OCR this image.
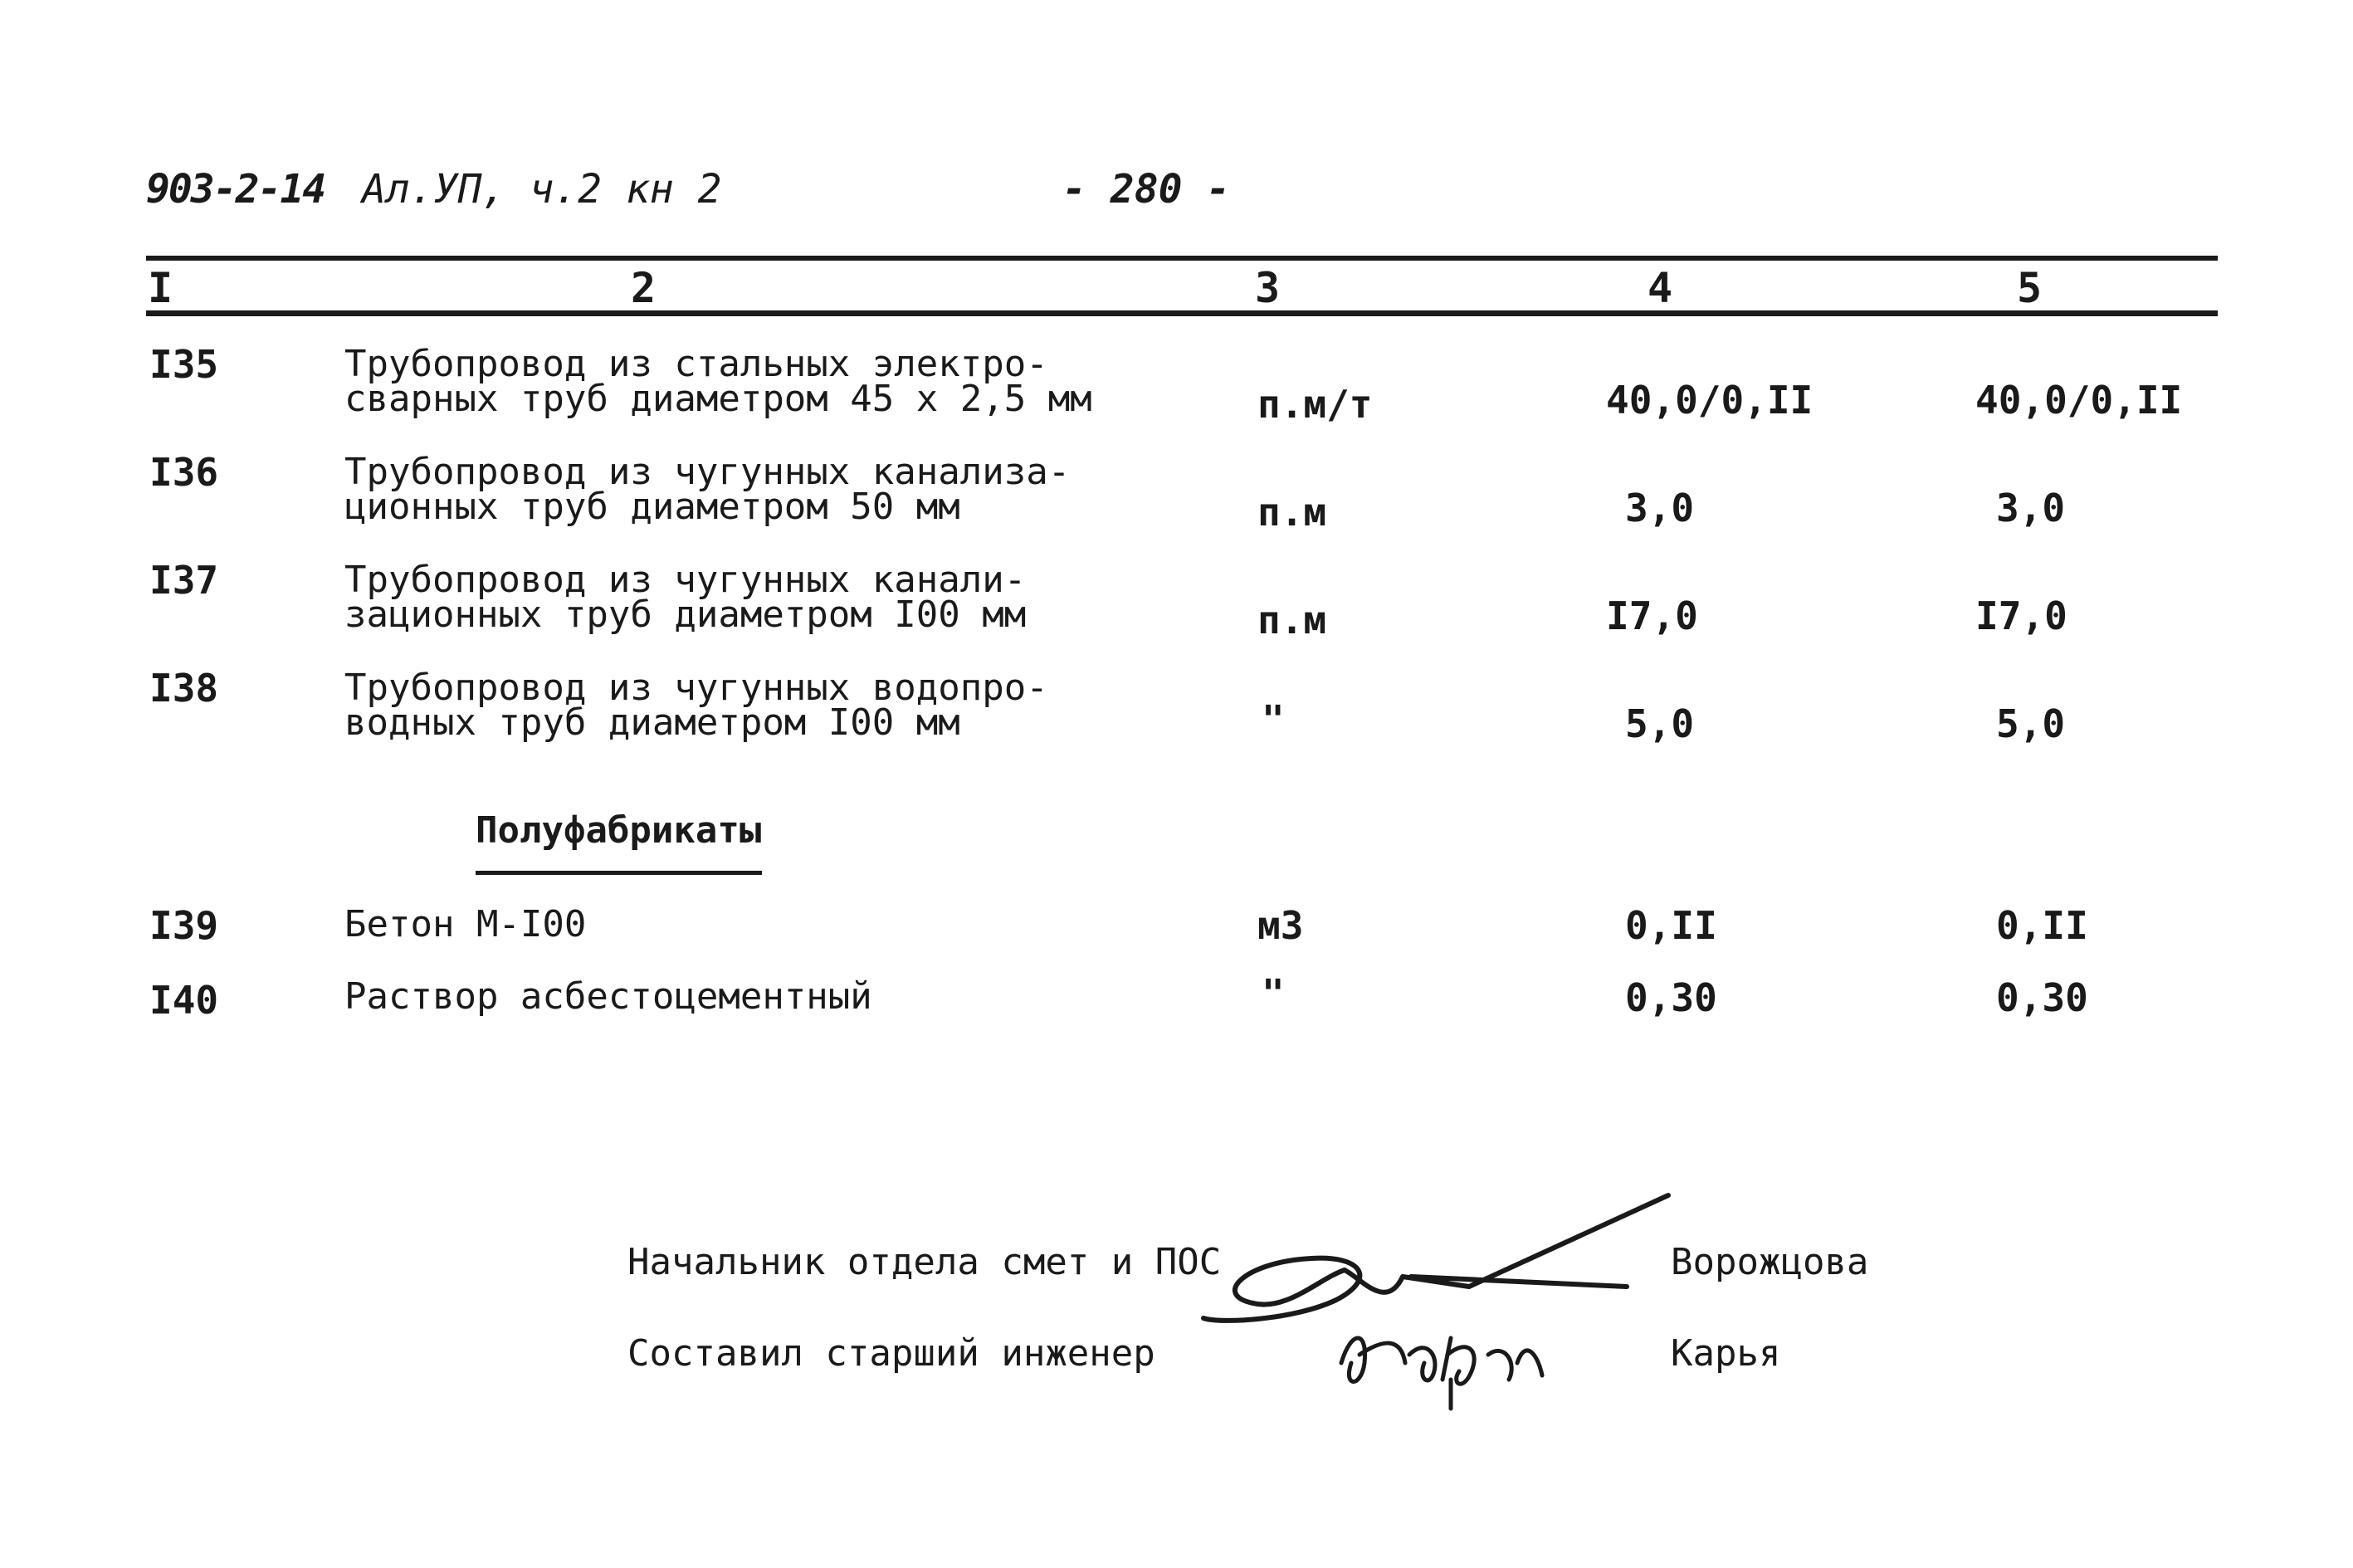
903-2-14 Ал.УП, ч.2 кн 2	- 280 -
I	2	3	4	5
I35	Трубопровод из стальных электро-
сварных труб диаметром 45 х 2,5 мм	п.м/т	40,0/0,II	40,0/0,II
I36	Трубопровод из чугунных канализа-
ционных труб диаметром 50 мм	п.м	3,0	3,0
I37	Трубопровод из чугунных канали-
зационных труб диаметром I00 мм	п.м	I7,0	I7,0
I38	Трубопровод из чугунных водопро-
водных труб диаметром I00 мм	"	5,0	5,0
Полуфабрикаты
I39	Бетон М-I00	м3	0,II	0,II
I40	Раствор асбестоцементный	"	0,30	0,30
Начальник отдела смет и ПОС	Ворожцова
Составил старший инженер	Карья
